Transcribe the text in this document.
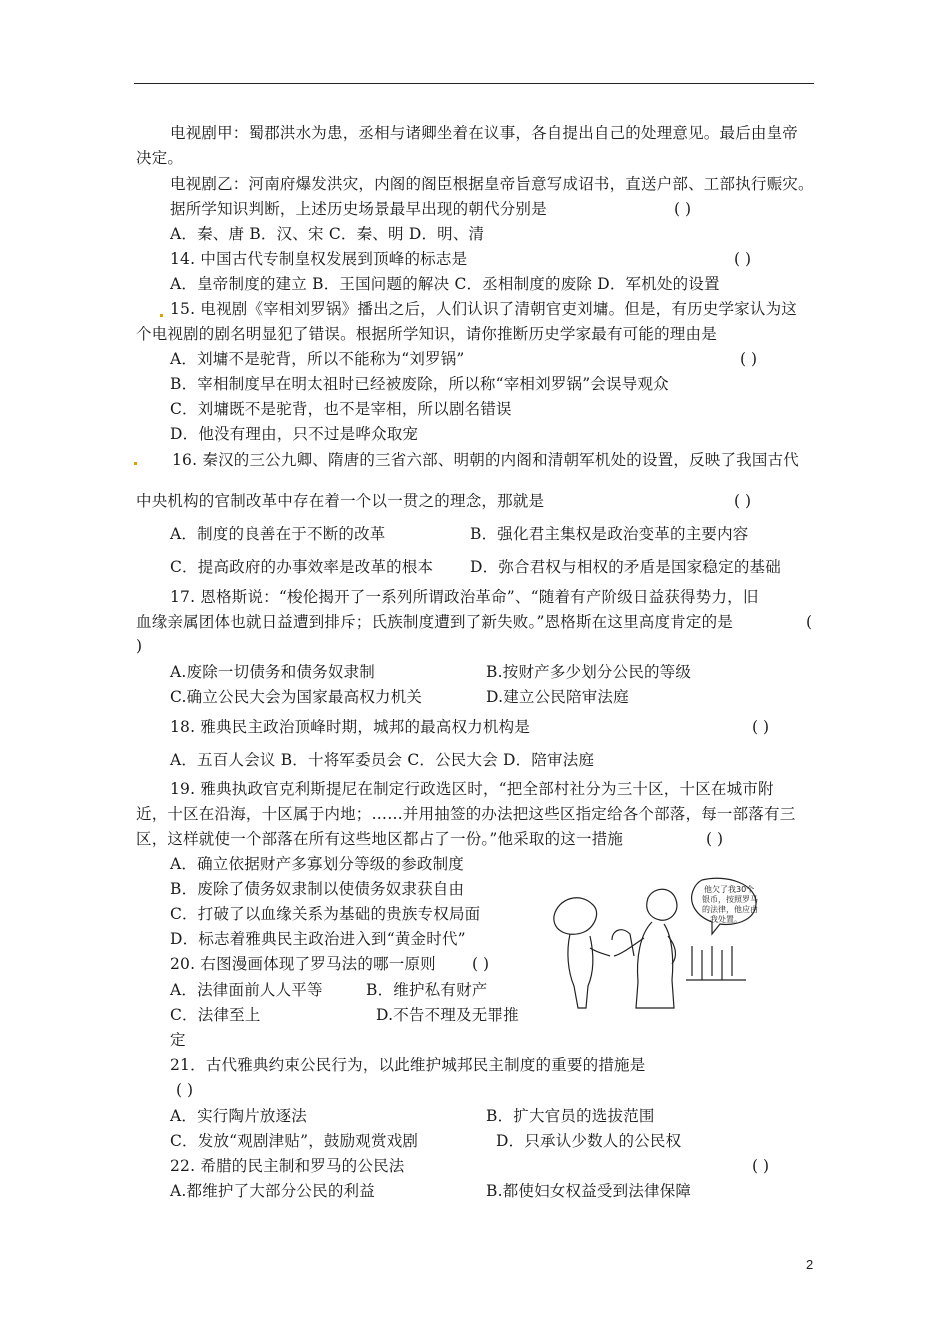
电视剧甲：蜀郡洪水为患，丞相与诸卿坐着在议事，各自提出自己的处理意见。最后由皇帝
决定。
电视剧乙：河南府爆发洪灾，内阁的阁臣根据皇帝旨意写成诏书，直送户部、工部执行赈灾。
据所学知识判断，上述历史场景最早出现的朝代分别是	( )
A．秦、唐 B．汉、宋 C．秦、明 D．明、清
14. 中国古代专制皇权发展到顶峰的标志是	( )
A．皇帝制度的建立 B．王国问题的解决 C．丞相制度的废除 D．军机处的设置
15. 电视剧《宰相刘罗锅》播出之后，人们认识了清朝官吏刘墉。但是，有历史学家认为这
个电视剧的剧名明显犯了错误。根据所学知识，请你推断历史学家最有可能的理由是
A．刘墉不是驼背，所以不能称为“刘罗锅”	( )
B．宰相制度早在明太祖时已经被废除，所以称“宰相刘罗锅”会误导观众
C．刘墉既不是驼背，也不是宰相，所以剧名错误
D．他没有理由，只不过是哗众取宠
16. 秦汉的三公九卿、隋唐的三省六部、明朝的内阁和清朝军机处的设置，反映了我国古代
中央机构的官制改革中存在着一个以一贯之的理念，那就是	( )
A．制度的良善在于不断的改革	B．强化君主集权是政治变革的主要内容
C．提高政府的办事效率是改革的根本 D．弥合君权与相权的矛盾是国家稳定的基础
17. 恩格斯说：“梭伦揭开了一系列所谓政治革命”、“随着有产阶级日益获得势力，旧
血缘亲属团体也就日益遭到排斥；氏族制度遭到了新失败。”恩格斯在这里高度肯定的是	(
)
A.废除一切债务和债务奴隶制	B.按财产多少划分公民的等级
C.确立公民大会为国家最高权力机关	D.建立公民陪审法庭
18. 雅典民主政治顶峰时期，城邦的最高权力机构是	( )
A．五百人会议 B．十将军委员会 C．公民大会 D．陪审法庭
19. 雅典执政官克利斯提尼在制定行政选区时，“把全部村社分为三十区，十区在城市附
近，十区在沿海，十区属于内地；……并用抽签的办法把这些区指定给各个部落，每一部落有三
区，这样就使一个部落在所有这些地区都占了一份。”他采取的这一措施	( )
A．确立依据财产多寡划分等级的参政制度
B．废除了债务奴隶制以使债务奴隶获自由
C．打破了以血缘关系为基础的贵族专权局面
D．标志着雅典民主政治进入到“黄金时代”
20. 右图漫画体现了罗马法的哪一原则 ( )
A．法律面前人人平等	B．维护私有财产
C．法律至上	D.不告不理及无罪推
定
21．古代雅典约束公民行为，以此维护城邦民主制度的重要的措施是
( )
A．实行陶片放逐法	B．扩大官员的选拔范围
C．发放“观剧津贴”，鼓励观赏戏剧	D．只承认少数人的公民权
22. 希腊的民主制和罗马的公民法	( )
A.都维护了大部分公民的利益	B.都使妇女权益受到法律保障
2
他欠了我30个
银币，按照罗马
的法律，他应由
我处置。
